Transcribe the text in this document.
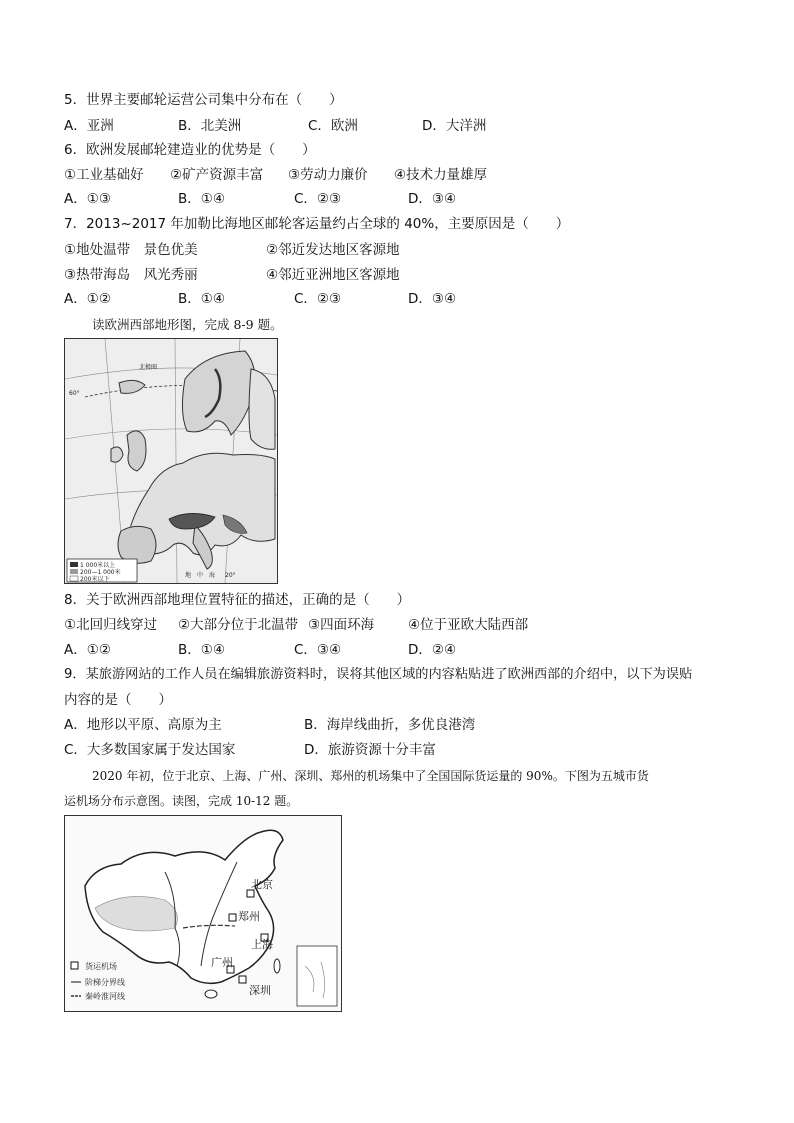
5．世界主要邮轮运营公司集中分布在（　　）
A．亚洲	B．北美洲	C．欧洲	D．大洋洲
6．欧洲发展邮轮建造业的优势是（　　）
①工业基础好 ②矿产资源丰富 ③劳动力廉价 ④技术力量雄厚
A．①③	B．①④	C．②③	D．③④
7．2013~2017 年加勒比海地区邮轮客运量约占全球的 40%，主要原因是（　　）
①地处温带　景色优美	②邻近发达地区客源地
③热带海岛　风光秀丽	④邻近亚洲地区客源地
A．①②	B．①④	C．②③	D．③④
读欧洲西部地形图，完成 8-9 题。
1 000米以上
200—1 000米
200米以下
60°
北极圈
地　中　海 20°
8．关于欧洲西部地理位置特征的描述，正确的是（　　）
①北回归线穿过 ②大部分位于北温带 ③四面环海	④位于亚欧大陆西部
A．①②	B．①④	C．③④	D．②④
9．某旅游网站的工作人员在编辑旅游资料时，误将其他区域的内容粘贴进了欧洲西部的介绍中，以下为误贴
内容的是（　　）
A．地形以平原、高原为主	B．海岸线曲折，多优良港湾
C．大多数国家属于发达国家	D．旅游资源十分丰富
2020 年初，位于北京、上海、广州、深圳、郑州的机场集中了全国国际货运量的 90%。下图为五城市货
运机场分布示意图。读图，完成 10-12 题。
北京
郑州
上海
广州
深圳
货运机场
阶梯分界线
秦岭淮河线
